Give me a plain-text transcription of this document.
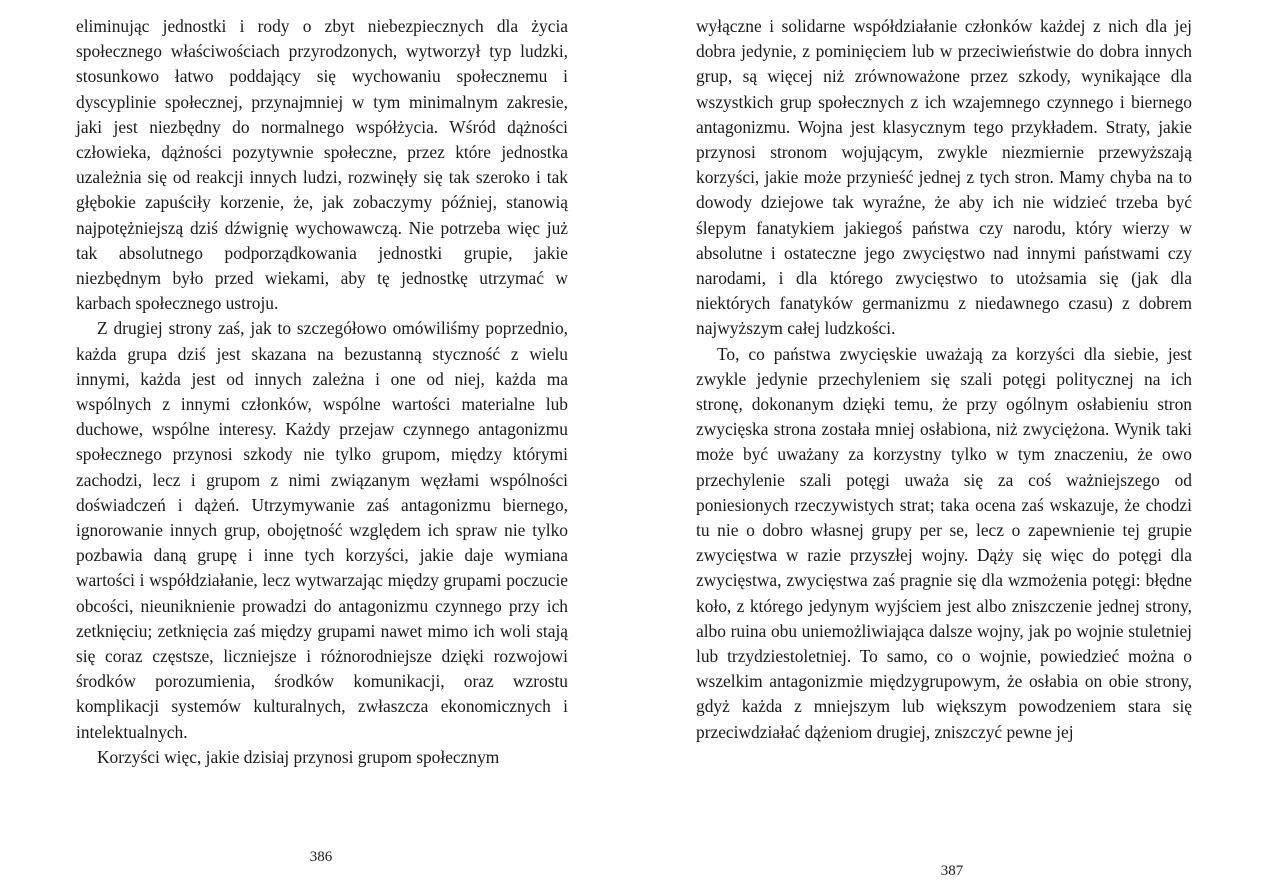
eliminując jednostki i rody o zbyt niebezpiecznych dla życia społecznego właściwościach przyrodzonych, wytworzył typ ludzki, stosunkowo łatwo poddający się wychowaniu społecznemu i dyscyplinie społecznej, przynajmniej w tym minimalnym zakresie, jaki jest niezbędny do normalnego współżycia. Wśród dążności człowieka, dążności pozytywnie społeczne, przez które jednostka uzależnia się od reakcji innych ludzi, rozwinęły się tak szeroko i tak głębokie zapuściły korzenie, że, jak zobaczymy później, stanowią najpotężniejszą dziś dźwignię wychowawczą. Nie potrzeba więc już tak absolutnego podporządkowania jednostki grupie, jakie niezbędnym było przed wiekami, aby tę jednostkę utrzymać w karbach społecznego ustroju.

Z drugiej strony zaś, jak to szczegółowo omówiliśmy poprzednio, każda grupa dziś jest skazana na bezustanną styczność z wielu innymi, każda jest od innych zależna i one od niej, każda ma wspólnych z innymi członków, wspólne wartości materialne lub duchowe, wspólne interesy. Każdy przejaw czynnego antagonizmu społecznego przynosi szkody nie tylko grupom, między którymi zachodzi, lecz i grupom z nimi związanym węzłami wspólności doświadczeń i dążeń. Utrzymywanie zaś antagonizmu biernego, ignorowanie innych grup, obojętność względem ich spraw nie tylko pozbawia daną grupę i inne tych korzyści, jakie daje wymiana wartości i współdziałanie, lecz wytwarzając między grupami poczucie obcości, nieuniknienie prowadzi do antagonizmu czynnego przy ich zetknięciu; zetknięcia zaś między grupami nawet mimo ich woli stają się coraz częstsze, liczniejsze i różnorodniejsze dzięki rozwojowi środków porozumienia, środków komunikacji, oraz wzrostu komplikacji systemów kulturalnych, zwłaszcza ekonomicznych i intelektualnych.

Korzyści więc, jakie dzisiaj przynosi grupom społecznym

386

wyłączne i solidarne współdziałanie członków każdej z nich dla jej dobra jedynie, z pominięciem lub w przeciwieństwie do dobra innych grup, są więcej niż zrównoważone przez szkody, wynikające dla wszystkich grup społecznych z ich wzajemnego czynnego i biernego antagonizmu. Wojna jest klasycznym tego przykładem. Straty, jakie przynosi stronom wojującym, zwykle niezmiernie przewyższają korzyści, jakie może przynieść jednej z tych stron. Mamy chyba na to dowody dziejowe tak wyraźne, że aby ich nie widzieć trzeba być ślepym fanatykiem jakiegoś państwa czy narodu, który wierzy w absolutne i ostateczne jego zwycięstwo nad innymi państwami czy narodami, i dla którego zwycięstwo to utożsamia się (jak dla niektórych fanatyków germanizmu z niedawnego czasu) z dobrem najwyższym całej ludzkości.

To, co państwa zwycięskie uważają za korzyści dla siebie, jest zwykle jedynie przechyleniem się szali potęgi politycznej na ich stronę, dokonanym dzięki temu, że przy ogólnym osłabieniu stron zwycięska strona została mniej osłabiona, niż zwyciężona. Wynik taki może być uważany za korzystny tylko w tym znaczeniu, że owo przechylenie szali potęgi uważa się za coś ważniejszego od poniesionych rzeczywistych strat; taka ocena zaś wskazuje, że chodzi tu nie o dobro własnej grupy per se, lecz o zapewnienie tej grupie zwycięstwa w razie przyszłej wojny. Dąży się więc do potęgi dla zwycięstwa, zwycięstwa zaś pragnie się dla wzmożenia potęgi: błędne koło, z którego jedynym wyjściem jest albo zniszczenie jednej strony, albo ruina obu uniemożliwiająca dalsze wojny, jak po wojnie stuletniej lub trzydziestoletniej. To samo, co o wojnie, powiedzieć można o wszelkim antagonizmie międzygrupowym, że osłabia on obie strony, gdyż każda z mniejszym lub większym powodzeniem stara się przeciwdziałać dążeniom drugiej, zniszczyć pewne jej

387
